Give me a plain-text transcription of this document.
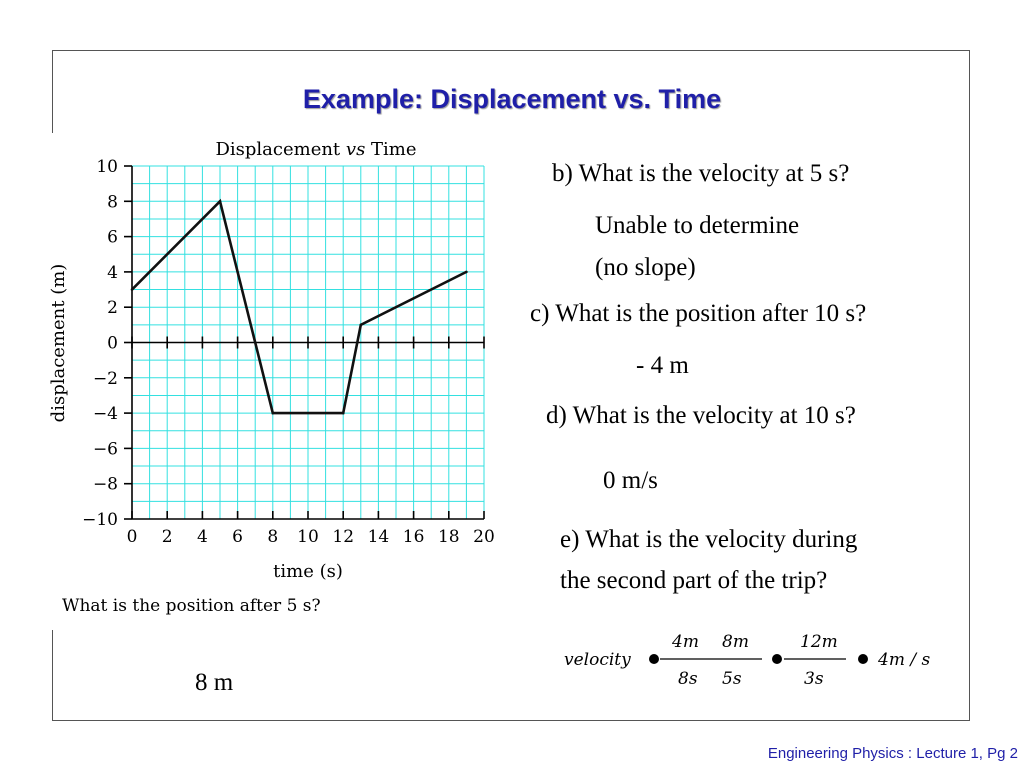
Example: Displacement vs. Time
Displacement vs Time
0 2 4 6 8 10 12 14 16 18 20
10
8
6
4
2
0
−2
−4
−6
−8
−10
time (s)
displacement (m)
What is the position after 5 s?
8 m
b) What is the velocity at 5 s?
Unable to determine
(no slope)
c) What is the position after 10 s?
- 4 m
d) What is the velocity at 10 s?
0 m/s
e) What is the velocity during
the second part of the trip?
velocity
4m 8m
8s 5s
12m
3s
4m / s
Engineering Physics : Lecture 1, Pg 2
